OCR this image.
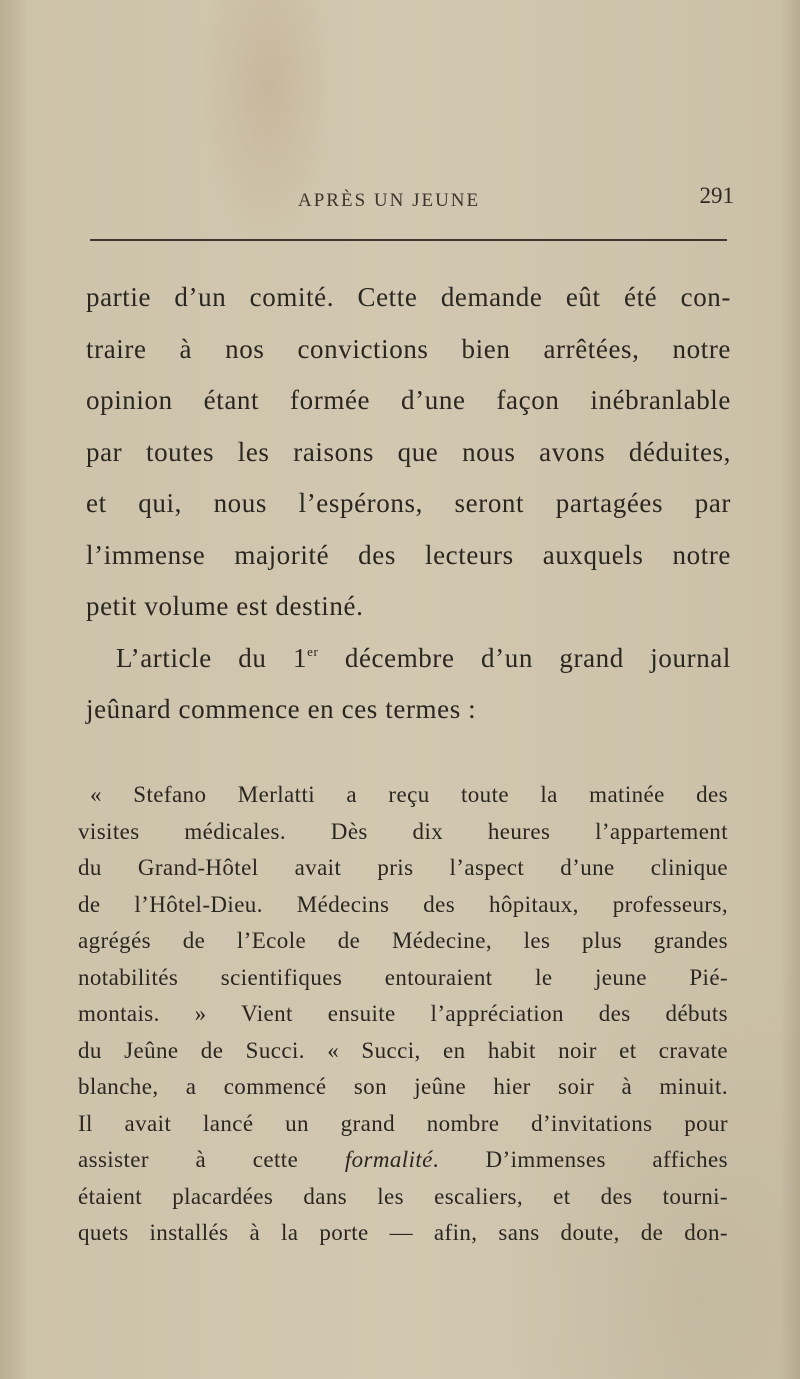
APRÈS UN JEUNE	291
partie d’un comité. Cette demande eût été con-
traire à nos convictions bien arrêtées, notre
opinion étant formée d’une façon inébranlable
par toutes les raisons que nous avons déduites,
et qui, nous l’espérons, seront partagées par
l’immense majorité des lecteurs auxquels notre
petit volume est destiné.
L’article du 1er décembre d’un grand journal
jeûnard commence en ces termes :
« Stefano Merlatti a reçu toute la matinée des
visites médicales. Dès dix heures l’appartement
du Grand-Hôtel avait pris l’aspect d’une clinique
de l’Hôtel-Dieu. Médecins des hôpitaux, professeurs,
agrégés de l’Ecole de Médecine, les plus grandes
notabilités scientifiques entouraient le jeune Pié-
montais. » Vient ensuite l’appréciation des débuts
du Jeûne de Succi. « Succi, en habit noir et cravate
blanche, a commencé son jeûne hier soir à minuit.
Il avait lancé un grand nombre d’invitations pour
assister à cette formalité. D’immenses affiches
étaient placardées dans les escaliers, et des tourni-
quets installés à la porte — afin, sans doute, de don-
